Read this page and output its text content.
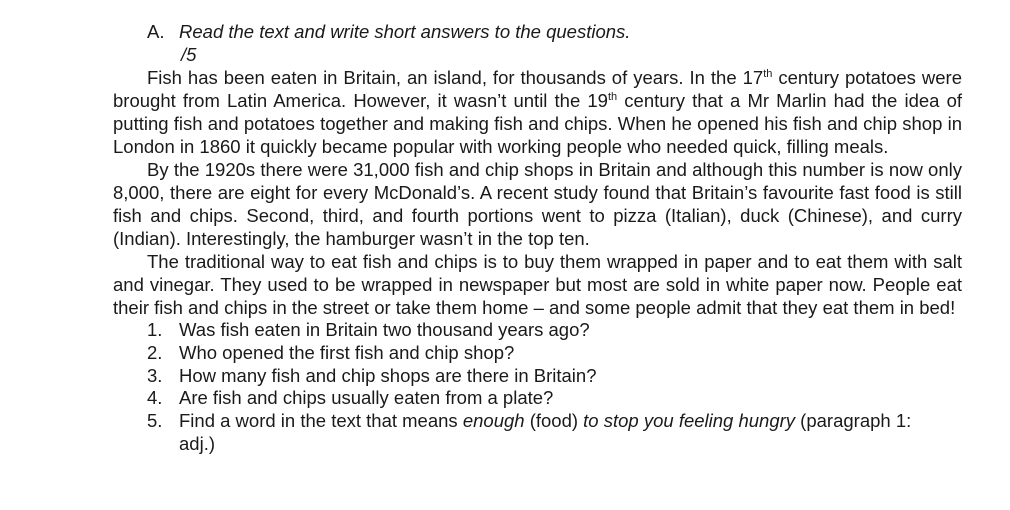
A. Read the text and write short answers to the questions.

/5

Fish has been eaten in Britain, an island, for thousands of years. In the 17th century potatoes were brought from Latin America. However, it wasn’t until the 19th century that a Mr Marlin had the idea of putting fish and potatoes together and making fish and chips. When he opened his fish and chip shop in London in 1860 it quickly became popular with working people who needed quick, filling meals.

By the 1920s there were 31,000 fish and chip shops in Britain and although this number is now only 8,000, there are eight for every McDonald’s. A recent study found that Britain’s favourite fast food is still fish and chips. Second, third, and fourth portions went to pizza (Italian), duck (Chinese), and curry (Indian). Interestingly, the hamburger wasn’t in the top ten.

The traditional way to eat fish and chips is to buy them wrapped in paper and to eat them with salt and vinegar. They used to be wrapped in newspaper but most are sold in white paper now. People eat their fish and chips in the street or take them home – and some people admit that they eat them in bed!

1. Was fish eaten in Britain two thousand years ago?
2. Who opened the first fish and chip shop?
3. How many fish and chip shops are there in Britain?
4. Are fish and chips usually eaten from a plate?
5. Find a word in the text that means enough (food) to stop you feeling hungry (paragraph 1: adj.)
